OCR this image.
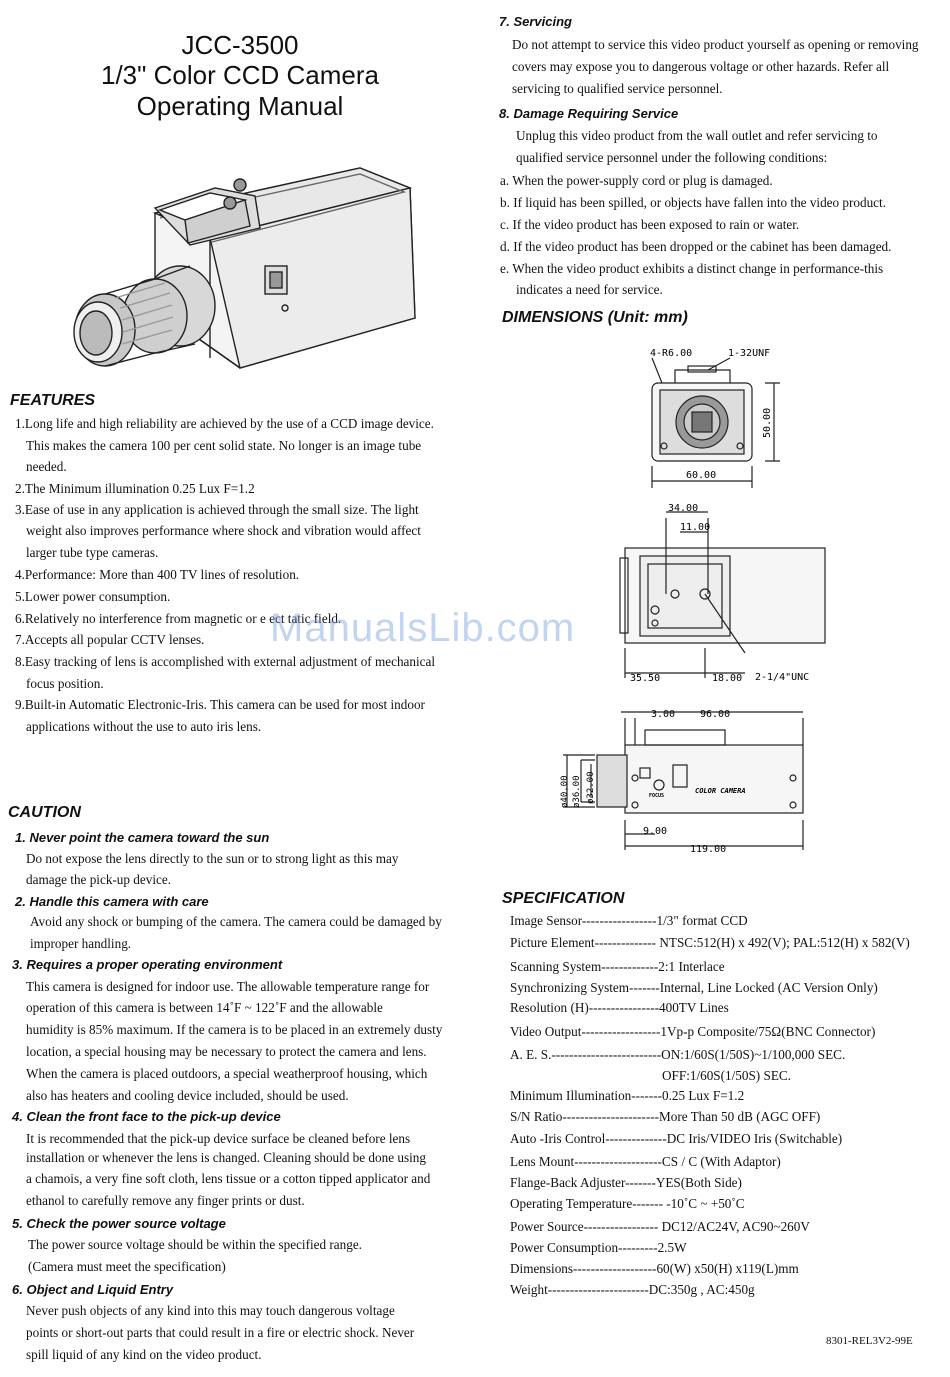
JCC-3500
1/3" Color CCD Camera
Operating Manual
FEATURES
1.Long life and high reliability are achieved by the use of a CCD image device.
This makes the camera 100 per cent solid state. No longer is an image tube
needed.
2.The Minimum illumination 0.25 Lux F=1.2
3.Ease of use in any application is achieved through the small size. The light
weight also improves performance where shock and vibration would affect
larger tube type cameras.
4.Performance: More than 400 TV lines of resolution.
5.Lower power consumption.
6.Relatively no interference from magnetic or e ect tatic field.
7.Accepts all popular CCTV lenses.
8.Easy tracking of lens is accomplished with external adjustment of mechanical
focus position.
9.Built-in Automatic Electronic-Iris. This camera can be used for most indoor
applications without the use to auto iris lens.
ManualsLib.com
CAUTION
1. Never point the camera toward the sun
Do not expose the lens directly to the sun or to strong light as this may
damage the pick-up device.
2. Handle this camera with care
Avoid any shock or bumping of the camera. The camera could be damaged by
improper handling.
3. Requires a proper operating environment
This camera is designed for indoor use. The allowable temperature range for
operation of this camera is between 14˚F ~ 122˚F and the allowable
humidity is 85% maximum. If the camera is to be placed in an extremely dusty
location, a special housing may be necessary to protect the camera and lens.
When the camera is placed outdoors, a special weatherproof housing, which
also has heaters and cooling device included, should be used.
4. Clean the front face to the pick-up device
It is recommended that the pick-up device surface be cleaned before lens
installation or whenever the lens is changed. Cleaning should be done using
a chamois, a very fine soft cloth, lens tissue or a cotton tipped applicator and
ethanol to carefully remove any finger prints or dust.
5. Check the power source voltage
The power source voltage should be within the specified range.
(Camera must meet the specification)
6. Object and Liquid Entry
Never push objects of any kind into this may touch dangerous voltage
points or short-out parts that could result in a fire or electric shock. Never
spill liquid of any kind on the video product.
7. Servicing
Do not attempt to service this video product yourself as opening or removing
covers may expose you to dangerous voltage or other hazards. Refer all
servicing to qualified service personnel.
8. Damage Requiring Service
Unplug this video product from the wall outlet and refer servicing to
qualified service personnel under the following conditions:
a. When the power-supply cord or plug is damaged.
b. If liquid has been spilled, or objects have fallen into the video product.
c. If the video product has been exposed to rain or water.
d. If the video product has been dropped or the cabinet has been damaged.
e. When the video product exhibits a distinct change in performance-this
indicates a need for service.
DIMENSIONS (Unit: mm)
4-R6.00	1-32UNF
50.00
60.00
34.00
11.00
35.50	18.00 2-1/4"UNC
3.00 96.00
ø40.00 ø36.00 ø32.00
9.00
119.00
FOCUS
COLOR CAMERA
SPECIFICATION
Image Sensor-----------------1/3" format CCD
Picture Element-------------- NTSC:512(H) x 492(V); PAL:512(H) x 582(V)
Scanning System-------------2:1 Interlace
Synchronizing System-------Internal, Line Locked (AC Version Only)
Resolution (H)----------------400TV Lines
Video Output------------------1Vp-p Composite/75Ω(BNC Connector)
A. E. S.-------------------------ON:1/60S(1/50S)~1/100,000 SEC.
OFF:1/60S(1/50S) SEC.
Minimum Illumination-------0.25 Lux F=1.2
S/N Ratio----------------------More Than 50 dB (AGC OFF)
Auto -Iris Control--------------DC Iris/VIDEO Iris (Switchable)
Lens Mount--------------------CS / C (With Adaptor)
Flange-Back Adjuster-------YES(Both Side)
Operating Temperature------- -10˚C ~ +50˚C
Power Source----------------- DC12/AC24V, AC90~260V
Power Consumption---------2.5W
Dimensions-------------------60(W) x50(H) x119(L)mm
Weight-----------------------DC:350g , AC:450g
8301-REL3V2-99E
